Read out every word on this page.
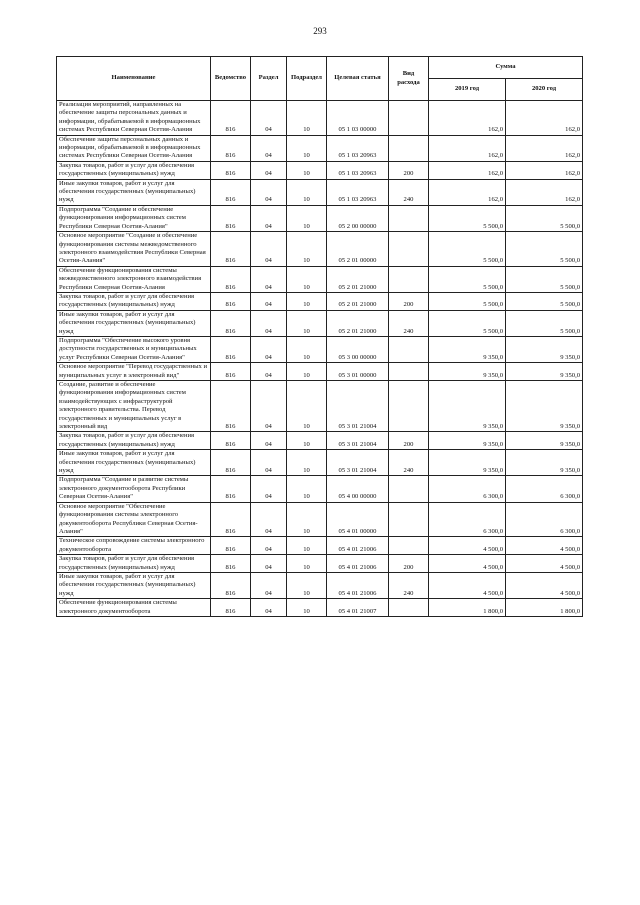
293
Наименование	Ведомство	Раздел	Подраздел	Целевая статья	Вид расхода	Сумма	
						2019 год	2020 год
Реализация мероприятий, направленных на обеспечение защиты персональных данных и информации, обрабатываемой в информационных системах Республики Северная Осетия-Алания	816	04	10	05 1 03 00000		162,0	162,0
Обеспечение защиты персональных данных и информации, обрабатываемой в информационных системах Республики Северная Осетия-Алания	816	04	10	05 1 03 20963		162,0	162,0
Закупка товаров, работ и услуг для обеспечения государственных (муниципальных) нужд	816	04	10	05 1 03 20963	200	162,0	162,0
Иные закупки товаров, работ и услуг для обеспечения государственных (муниципальных) нужд	816	04	10	05 1 03 20963	240	162,0	162,0
Подпрограмма "Создание и обеспечение функционирования информационных систем Республики Северная Осетия-Алания"	816	04	10	05 2 00 00000		5 500,0	5 500,0
Основное мероприятие "Создание и обеспечение функционирования системы межведомственного электронного взаимодействия Республики Северная Осетия-Алания"	816	04	10	05 2 01 00000		5 500,0	5 500,0
Обеспечение функционирования системы межведомственного электронного взаимодействия Республики Северная Осетия-Алания	816	04	10	05 2 01 21000		5 500,0	5 500,0
Закупка товаров, работ и услуг для обеспечения государственных (муниципальных) нужд	816	04	10	05 2 01 21000	200	5 500,0	5 500,0
Иные закупки товаров, работ и услуг для обеспечения государственных (муниципальных) нужд	816	04	10	05 2 01 21000	240	5 500,0	5 500,0
Подпрограмма "Обеспечение высокого уровня доступности государственных и муниципальных услуг Республики Северная Осетия-Алания"	816	04	10	05 3 00 00000		9 350,0	9 350,0
Основное мероприятие "Перевод государственных и муниципальных услуг в электронный вид"	816	04	10	05 3 01 00000		9 350,0	9 350,0
Создание, развитие и обеспечение функционирования информационных систем взаимодействующих с инфраструктурой электронного правительства. Перевод государственных и муниципальных услуг в электронный вид	816	04	10	05 3 01 21004		9 350,0	9 350,0
Закупка товаров, работ и услуг для обеспечения государственных (муниципальных) нужд	816	04	10	05 3 01 21004	200	9 350,0	9 350,0
Иные закупки товаров, работ и услуг для обеспечения государственных (муниципальных) нужд	816	04	10	05 3 01 21004	240	9 350,0	9 350,0
Подпрограмма "Создание и развитие системы электронного документооборота Республики Северная Осетия-Алания"	816	04	10	05 4 00 00000		6 300,0	6 300,0
Основное мероприятие "Обеспечение функционирования системы электронного документооборота Республики Северная Осетия-Алания"	816	04	10	05 4 01 00000		6 300,0	6 300,0
Техническое сопровождение системы электронного документооборота	816	04	10	05 4 01 21006		4 500,0	4 500,0
Закупка товаров, работ и услуг для обеспечения государственных (муниципальных) нужд	816	04	10	05 4 01 21006	200	4 500,0	4 500,0
Иные закупки товаров, работ и услуг для обеспечения государственных (муниципальных) нужд	816	04	10	05 4 01 21006	240	4 500,0	4 500,0
Обеспечение функционирования системы электронного документооборота	816	04	10	05 4 01 21007		1 800,0	1 800,0
